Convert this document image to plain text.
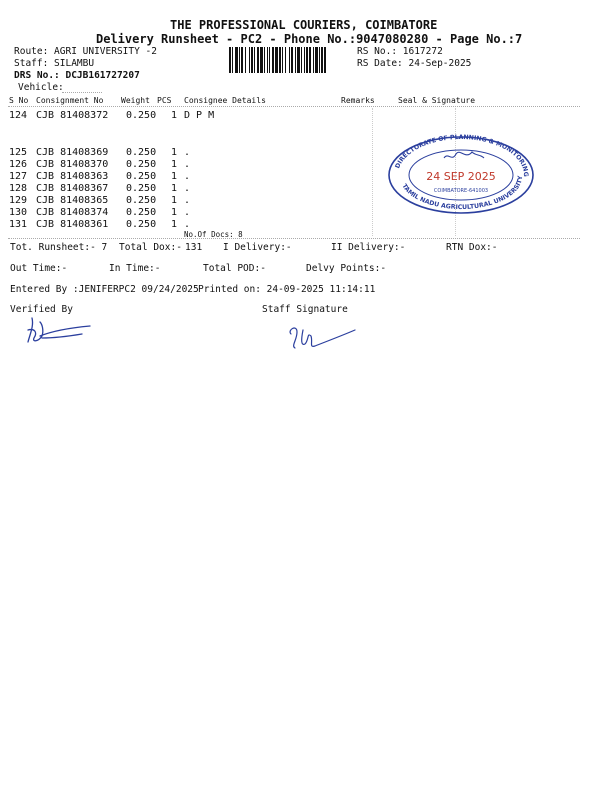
THE PROFESSIONAL COURIERS, COIMBATORE
Delivery Runsheet - PC2 - Phone No.:9047080280 - Page No.:7
Route: AGRI UNIVERSITY -2
Staff: SILAMBU
DRS No.: DCJB161727207
Vehicle:
RS No.: 1617272
RS Date: 24-Sep-2025
S No Consignment No Weight PCS Consignee Details	Remarks	Seal & Signature
124 CJB 81408372 0.250 1 D P M
125 CJB 81408369 0.250 1 .
126 CJB 81408370 0.250 1 .
127 CJB 81408363 0.250 1 .
128 CJB 81408367 0.250 1 .
129 CJB 81408365 0.250 1 .
130 CJB 81408374 0.250 1 .
131 CJB 81408361 0.250 1 .
No.Of Docs: 8
Tot. Runsheet:- 7 Total Dox:- 131 I Delivery:-	II Delivery:-	RTN Dox:-
Out Time:-	In Time:-	Total POD:-	Delvy Points:-
Entered By :JENIFERPC2 09/24/2025 Printed on: 24-09-2025 11:14:11
Verified By	Staff Signature
DIRECTORATE OF PLANNING & MONITORING
TAMIL NADU AGRICULTURAL UNIVERSITY
24 SEP 2025
COIMBATORE-641003
